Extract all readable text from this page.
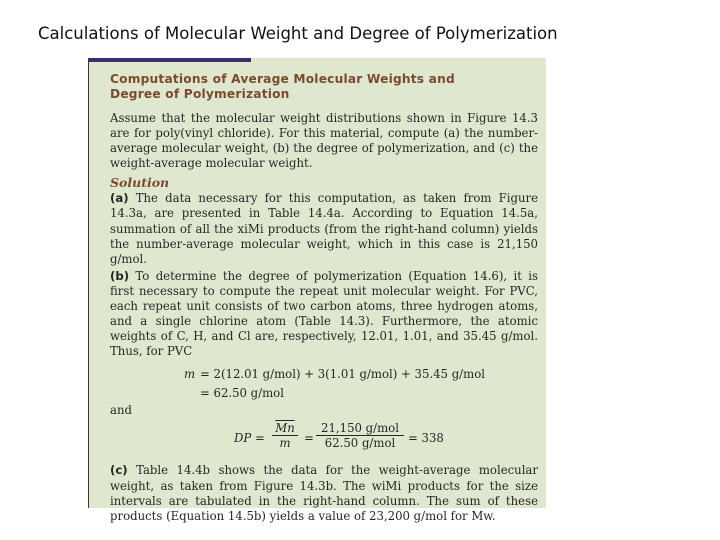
Calculations of Molecular Weight and Degree of Polymerization
Computations of Average Molecular Weights and
Degree of Polymerization

Assume that the molecular weight distributions shown in Figure 14.3 are for poly(vinyl chloride). For this material, compute (a) the number-average molecular weight, (b) the degree of polymerization, and (c) the weight-average molecular weight.

Solution

(a) The data necessary for this computation, as taken from Figure 14.3a, are presented in Table 14.4a. According to Equation 14.5a, summation of all the xiMi products (from the right-hand column) yields the number-average molecular weight, which in this case is 21,150 g/mol.

(b) To determine the degree of polymerization (Equation 14.6), it is first necessary to compute the repeat unit molecular weight. For PVC, each repeat unit consists of two carbon atoms, three hydrogen atoms, and a single chlorine atom (Table 14.3). Furthermore, the atomic weights of C, H, and Cl are, respectively, 12.01, 1.01, and 35.45 g/mol. Thus, for PVC

m = 2(12.01 g/mol) + 3(1.01 g/mol) + 35.45 g/mol
= 62.50 g/mol
and
DP = $\frac{\overline{Mn}}{m}$ =
21,150 g/mol
62.50 g/mol	= 338

(c) Table 14.4b shows the data for the weight-average molecular weight, as taken from Figure 14.3b. The wiMi products for the size intervals are tabulated in the right-hand column. The sum of these products (Equation 14.5b) yields a value of 23,200 g/mol for Mw.
